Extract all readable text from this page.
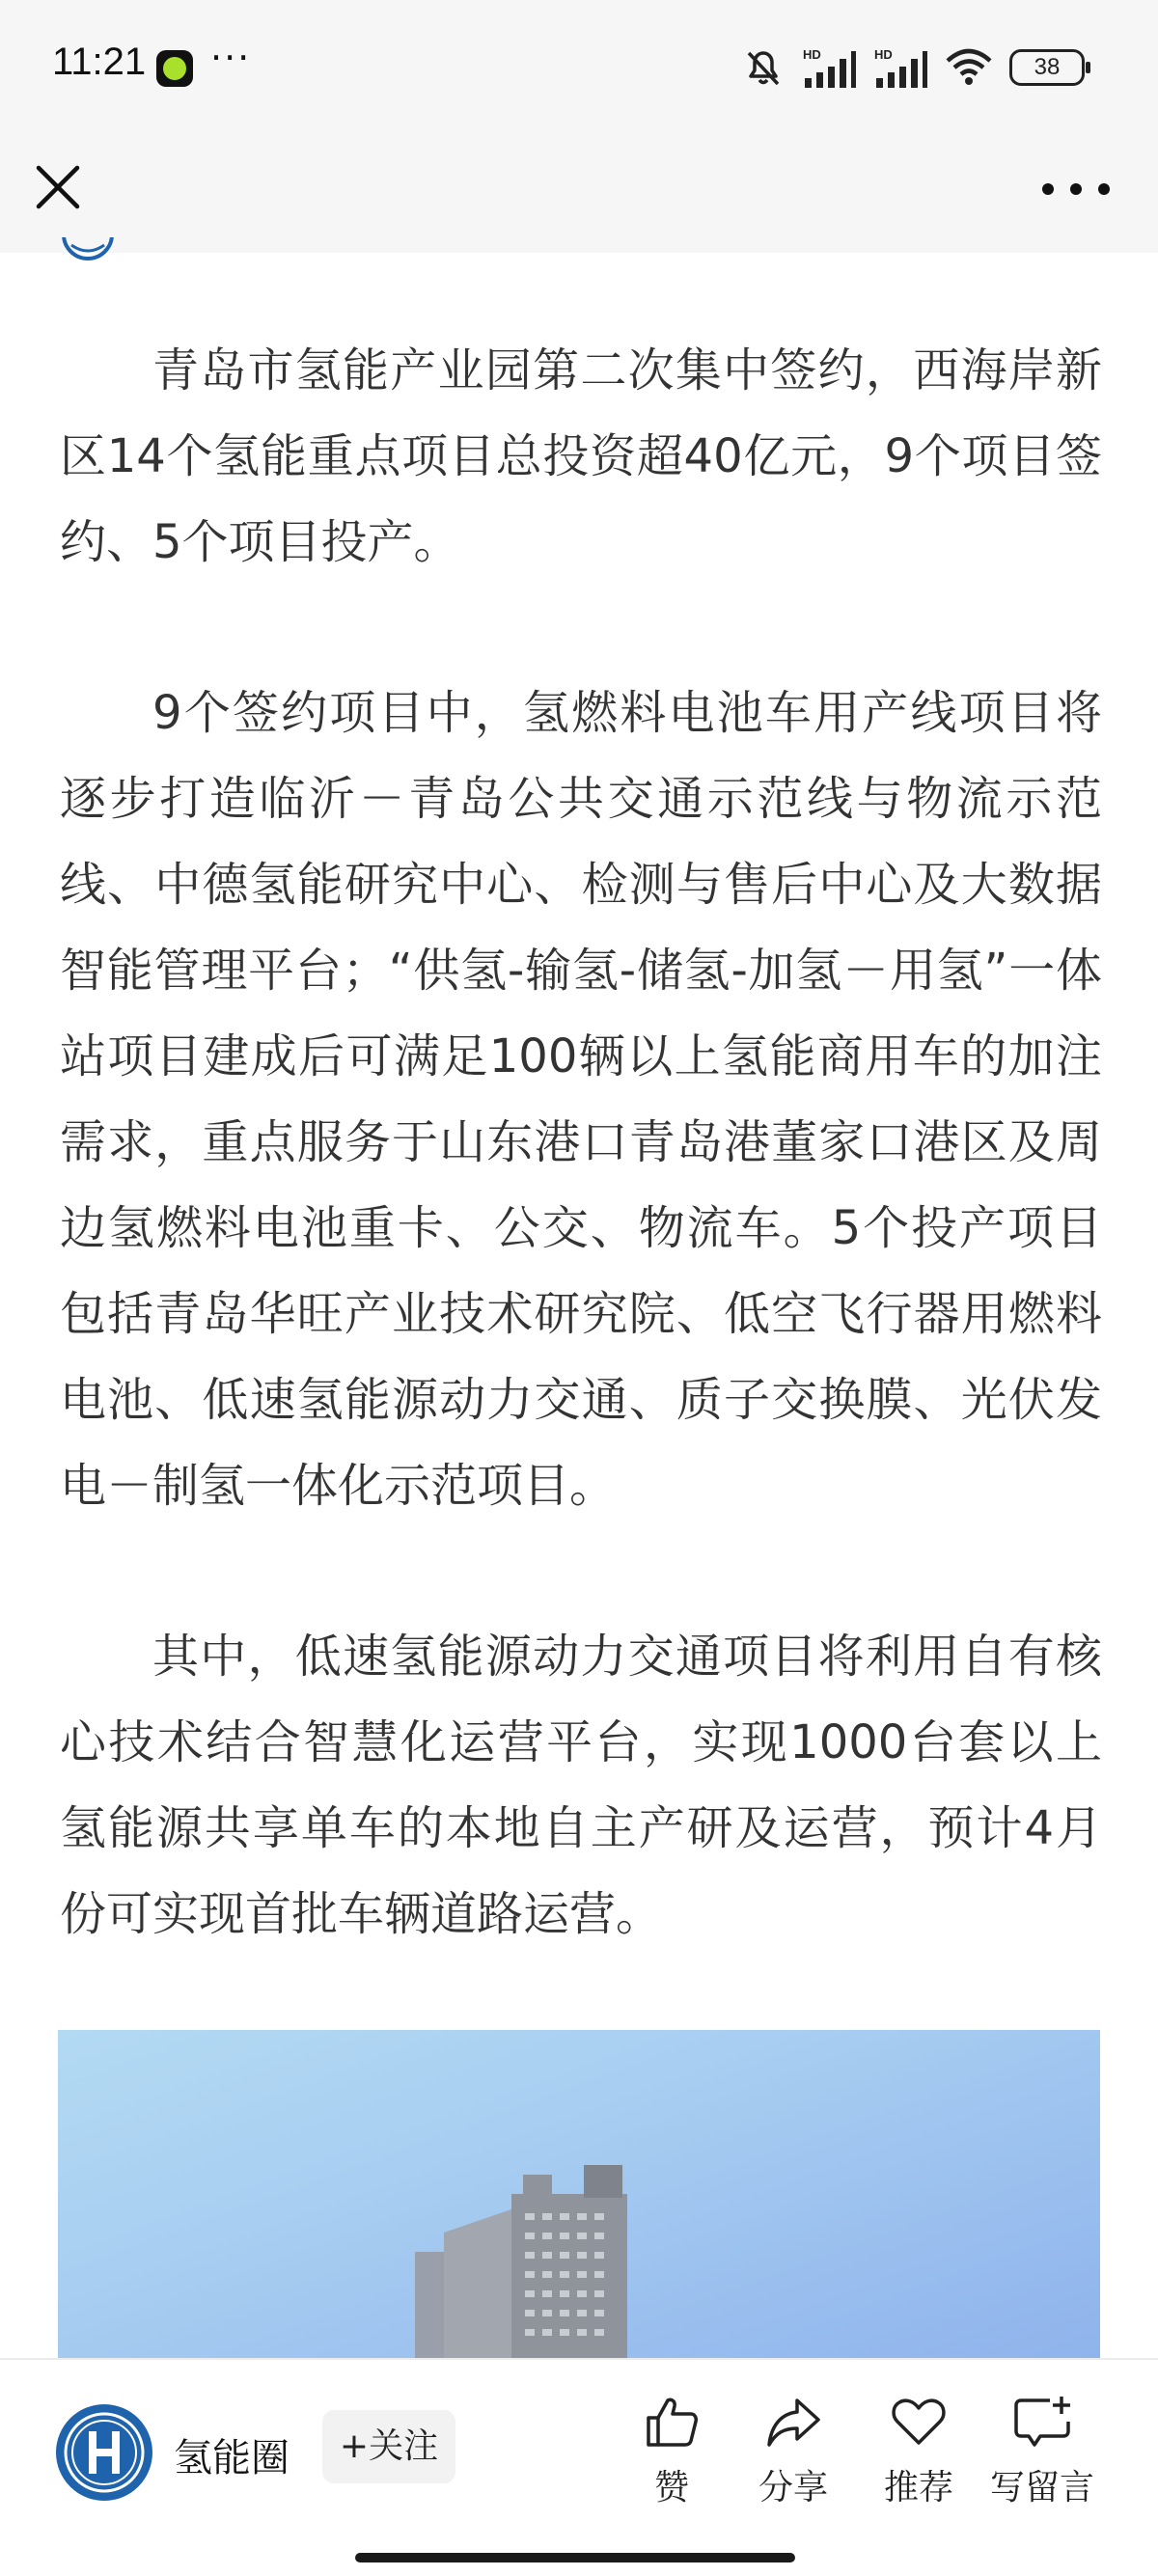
11:21 ···	HD	HD	38

青岛市氢能产业园第二次集中签约，西海岸新区14个氢能重点项目总投资超40亿元，9个项目签约、5个项目投产。

9个签约项目中，氢燃料电池车用产线项目将逐步打造临沂－青岛公共交通示范线与物流示范线、中德氢能研究中心、检测与售后中心及大数据智能管理平台；“供氢-输氢-储氢-加氢－用氢”一体站项目建成后可满足100辆以上氢能商用车的加注需求，重点服务于山东港口青岛港董家口港区及周边氢燃料电池重卡、公交、物流车。5个投产项目包括青岛华旺产业技术研究院、低空飞行器用燃料电池、低速氢能源动力交通、质子交换膜、光伏发电－制氢一体化示范项目。

其中，低速氢能源动力交通项目将利用自有核心技术结合智慧化运营平台，实现1000台套以上氢能源共享单车的本地自主产研及运营，预计4月份可实现首批车辆道路运营。

氢能圈	+关注
赞	分享	推荐	写留言
